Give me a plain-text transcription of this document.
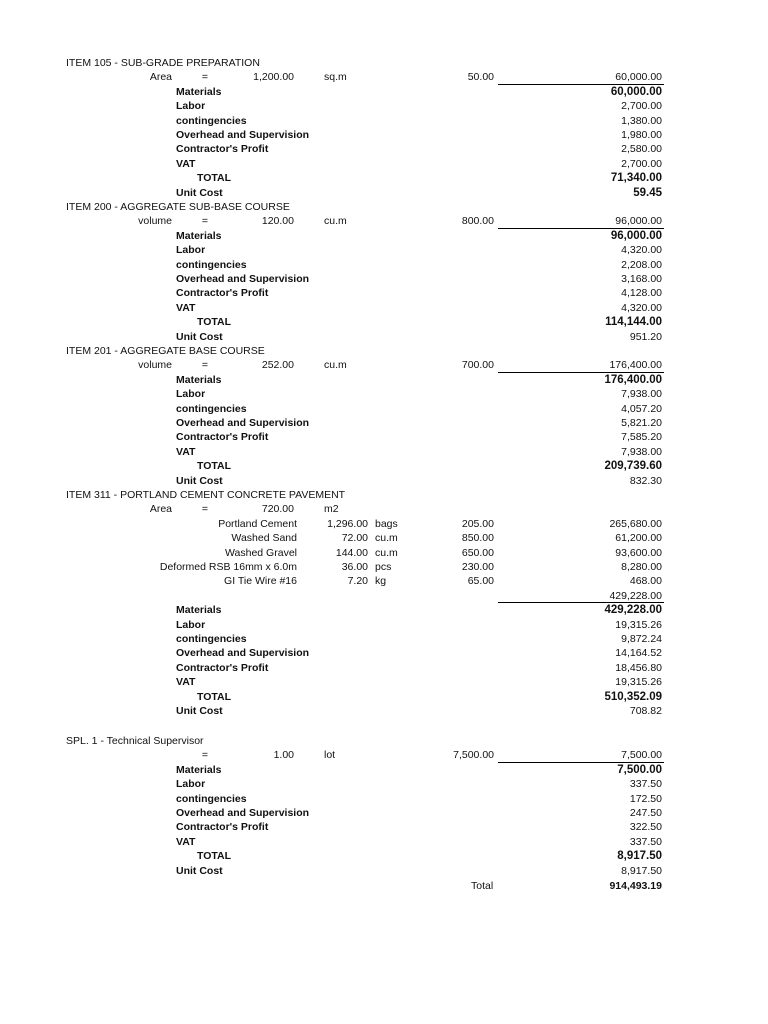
ITEM 105 - SUB-GRADE PREPARATION
Area	=	1,200.00	sq.m	50.00	60,000.00
Materials	60,000.00
Labor	2,700.00
contingencies	1,380.00
Overhead and Supervision	1,980.00
Contractor's Profit	2,580.00
VAT	2,700.00
TOTAL	71,340.00
Unit Cost	59.45
ITEM 200 - AGGREGATE SUB-BASE COURSE
volume	=	120.00	cu.m	800.00	96,000.00
Materials	96,000.00
Labor	4,320.00
contingencies	2,208.00
Overhead and Supervision	3,168.00
Contractor's Profit	4,128.00
VAT	4,320.00
TOTAL	114,144.00
Unit Cost	951.20
ITEM 201 - AGGREGATE BASE COURSE
volume	=	252.00	cu.m	700.00	176,400.00
Materials	176,400.00
Labor	7,938.00
contingencies	4,057.20
Overhead and Supervision	5,821.20
Contractor's Profit	7,585.20
VAT	7,938.00
TOTAL	209,739.60
Unit Cost	832.30
ITEM 311 - PORTLAND CEMENT CONCRETE PAVEMENT
Area	=	720.00	m2
Portland Cement	1,296.00 bags	205.00	265,680.00
Washed Sand	72.00 cu.m	850.00	61,200.00
Washed Gravel	144.00 cu.m	650.00	93,600.00
Deformed RSB 16mm x 6.0m	36.00 pcs	230.00	8,280.00
GI Tie Wire #16	7.20 kg	65.00	468.00
429,228.00
Materials	429,228.00
Labor	19,315.26
contingencies	9,872.24
Overhead and Supervision	14,164.52
Contractor's Profit	18,456.80
VAT	19,315.26
TOTAL	510,352.09
Unit Cost	708.82
SPL. 1 - Technical Supervisor
=	1.00	lot	7,500.00	7,500.00
Materials	7,500.00
Labor	337.50
contingencies	172.50
Overhead and Supervision	247.50
Contractor's Profit	322.50
VAT	337.50
TOTAL	8,917.50
Unit Cost	8,917.50
Total	914,493.19
